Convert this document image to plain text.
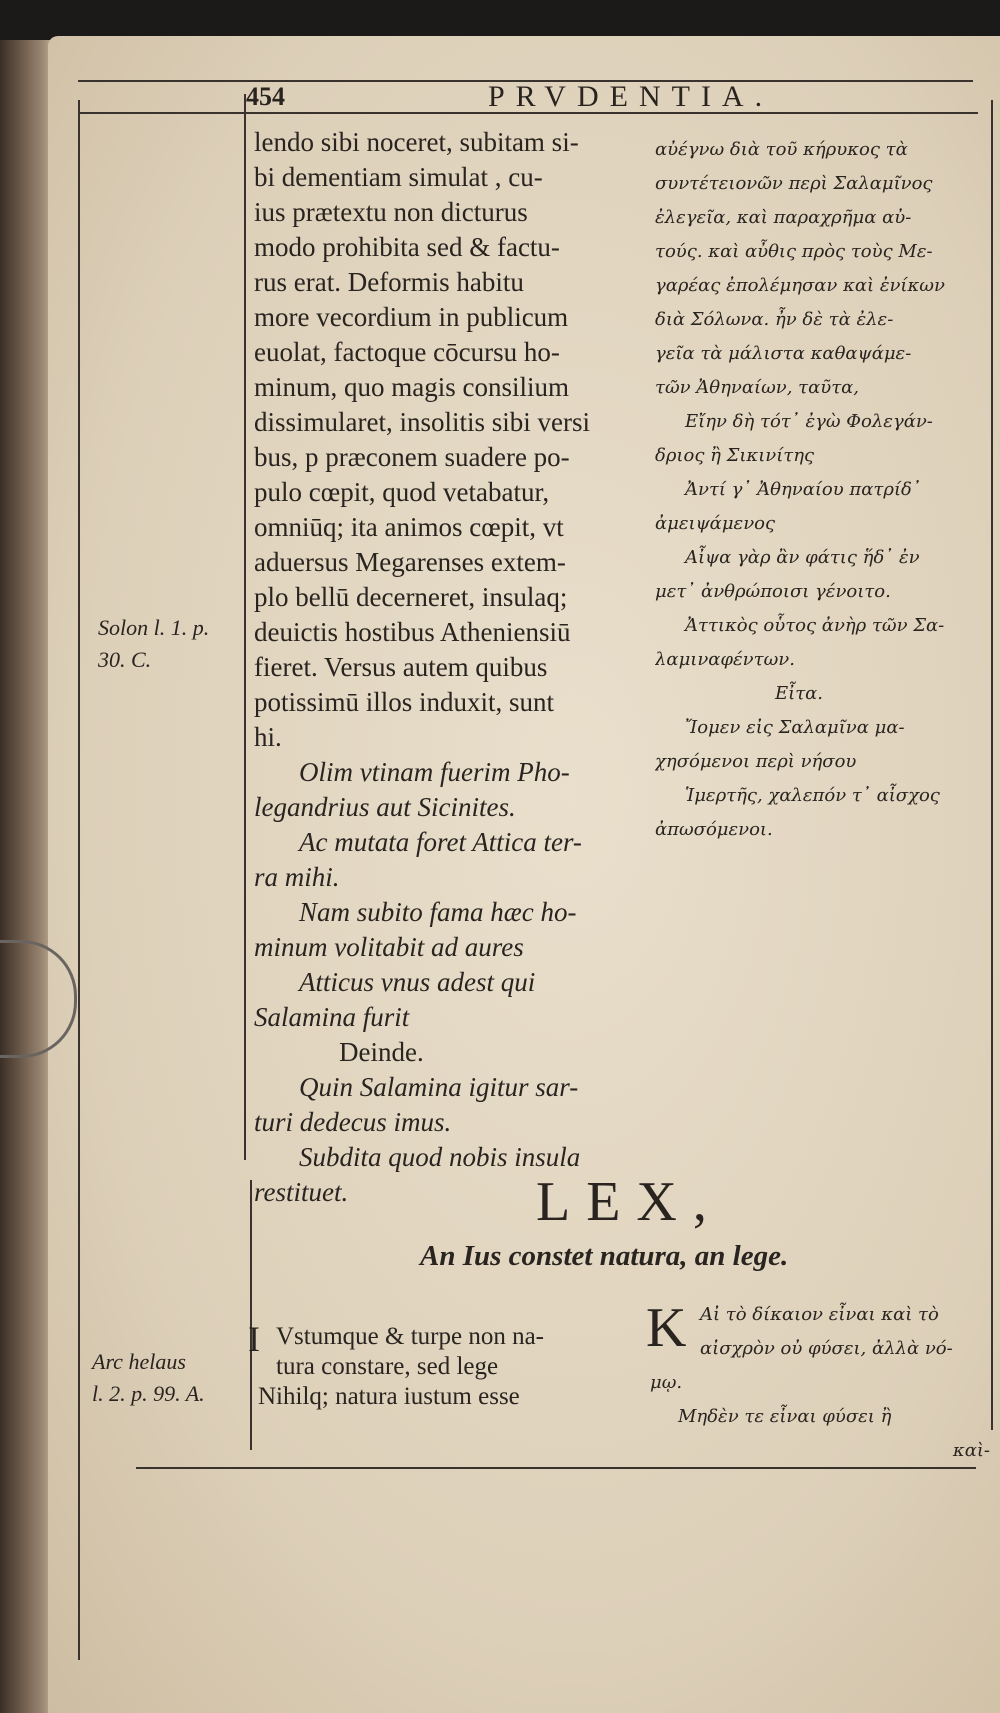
454	PRVDENTIA.
Solon l. 1. p.
30. C.
Arc helaus
l. 2. p. 99. A.
lendo sibi noceret, subitam si-
bi dementiam simulat , cu-
ius prætextu non dicturus
modo prohibita sed & factu-
rus erat. Deformis habitu
more vecordium in publicum
euolat, factoque cōcursu ho-
minum, quo magis consilium
dissimularet, insolitis sibi versi
bus, p præconem suadere po-
pulo cœpit, quod vetabatur,
omniūq; ita animos cœpit, vt
aduersus Megarenses extem-
plo bellū decerneret, insulaq;
deuictis hostibus Atheniensiū
fieret. Versus autem quibus
potissimū illos induxit, sunt
hi.
Olim vtinam fuerim Pho-
legandrius aut Sicinites.
Ac mutata foret Attica ter-
ra mihi.
Nam subito fama hæc ho-
minum volitabit ad aures
Atticus vnus adest qui
Salamina furit
Deinde.
Quin Salamina igitur sar-
turi dedecus imus.
Subdita quod nobis insula
restituet.
αὐέγνω διὰ τοῦ κήρυκος τὰ
συντέτειονῶν περὶ Σαλαμῖνος
ἐλεγεῖα, καὶ παραχρῆμα αὐ-
τούς. καὶ αὖθις πρὸς τοὺς Με-
γαρέας ἐπολέμησαν καὶ ἐνίκων
διὰ Σόλωνα. ἦν δὲ τὰ ἐλε-
γεῖα τὰ μάλιστα καθαψάμε-
τῶν Ἀθηναίων, ταῦτα,
Εἴην δὴ τότ᾽ ἐγὼ Φολεγάν-
δριος ἢ Σικινίτης
Ἀντί γ᾽ Ἀθηναίου πατρίδ᾽
ἀμειψάμενος
Αἶψα γὰρ ἂν φάτις ἥδ᾽ ἐν
μετ᾽ ἀνθρώποισι γένοιτο.
Ἀττικὸς οὗτος ἀνὴρ τῶν Σα-
λαμιναφέντων.
Εἶτα.
Ἴομεν εἰς Σαλαμῖνα μα-
χησόμενοι περὶ νήσου
Ἱμερτῆς, χαλεπόν τ᾽ αἶσχος
ἀπωσόμενοι.
LEX,
An Ius constet natura, an lege.
I Vstumque & turpe non na-
tura constare, sed lege
Nihilq; natura iustum esse
K Αἰ τὸ δίκαιον εἶναι καὶ τὸ
αἰσχρὸν οὐ φύσει, ἀλλὰ νό-
μῳ.
Μηδὲν τε εἶναι φύσει ἢ
καὶ-
